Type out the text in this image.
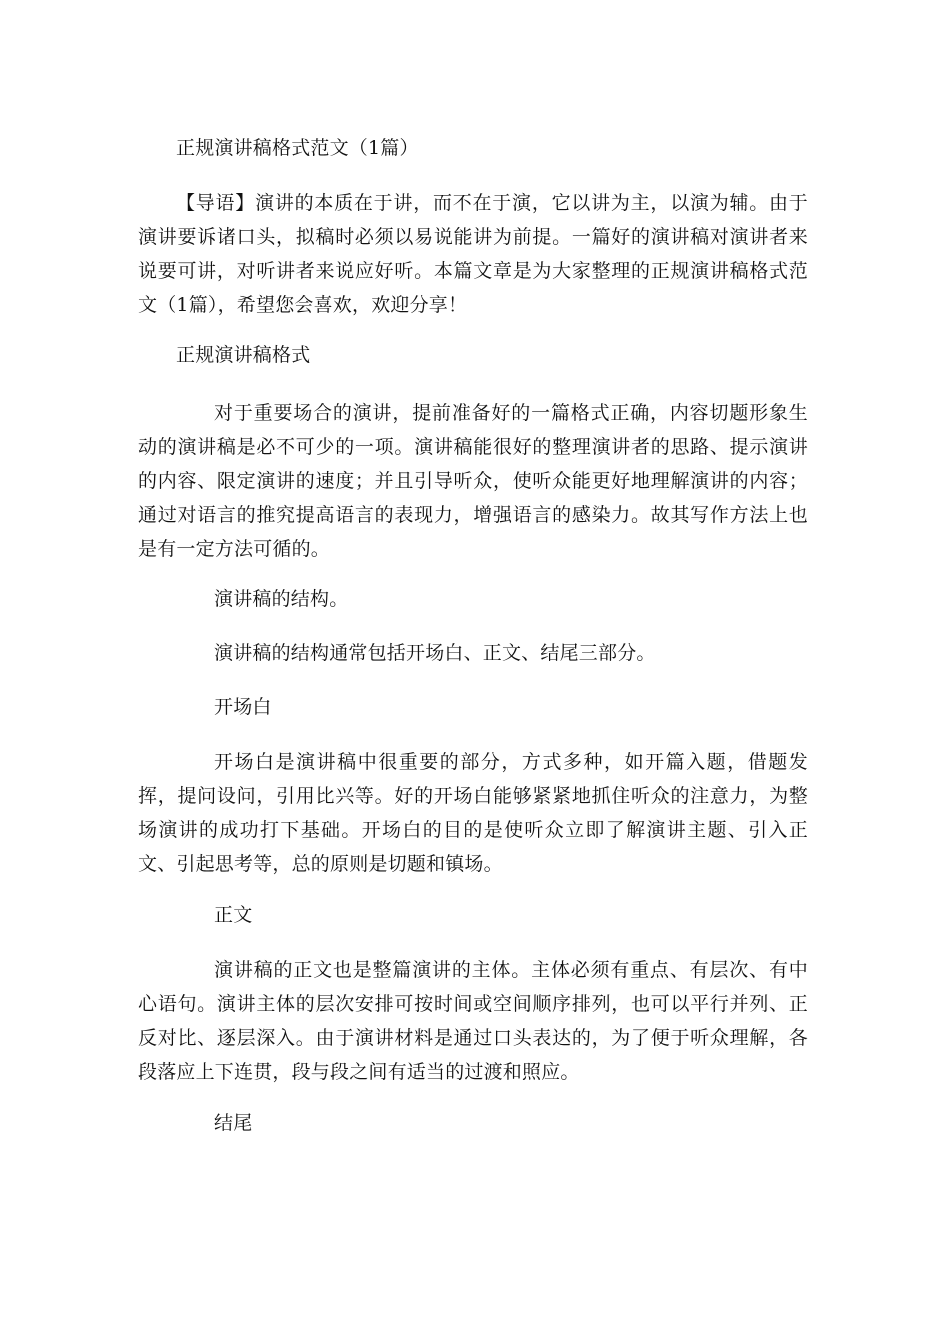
正规演讲稿格式范文（1篇）

【导语】演讲的本质在于讲，而不在于演，它以讲为主，以演为辅。由于演讲要诉诸口头，拟稿时必须以易说能讲为前提。一篇好的演讲稿对演讲者来说要可讲，对听讲者来说应好听。本篇文章是为大家整理的正规演讲稿格式范文（1篇），希望您会喜欢，欢迎分享！

正规演讲稿格式

对于重要场合的演讲，提前准备好的一篇格式正确，内容切题形象生动的演讲稿是必不可少的一项。演讲稿能很好的整理演讲者的思路、提示演讲的内容、限定演讲的速度；并且引导听众，使听众能更好地理解演讲的内容；通过对语言的推究提高语言的表现力，增强语言的感染力。故其写作方法上也是有一定方法可循的。

演讲稿的结构。

演讲稿的结构通常包括开场白、正文、结尾三部分。

开场白

开场白是演讲稿中很重要的部分，方式多种，如开篇入题，借题发挥，提问设问，引用比兴等。好的开场白能够紧紧地抓住听众的注意力，为整场演讲的成功打下基础。开场白的目的是使听众立即了解演讲主题、引入正文、引起思考等，总的原则是切题和镇场。

正文

演讲稿的正文也是整篇演讲的主体。主体必须有重点、有层次、有中心语句。演讲主体的层次安排可按时间或空间顺序排列，也可以平行并列、正反对比、逐层深入。由于演讲材料是通过口头表达的，为了便于听众理解，各段落应上下连贯，段与段之间有适当的过渡和照应。

结尾
